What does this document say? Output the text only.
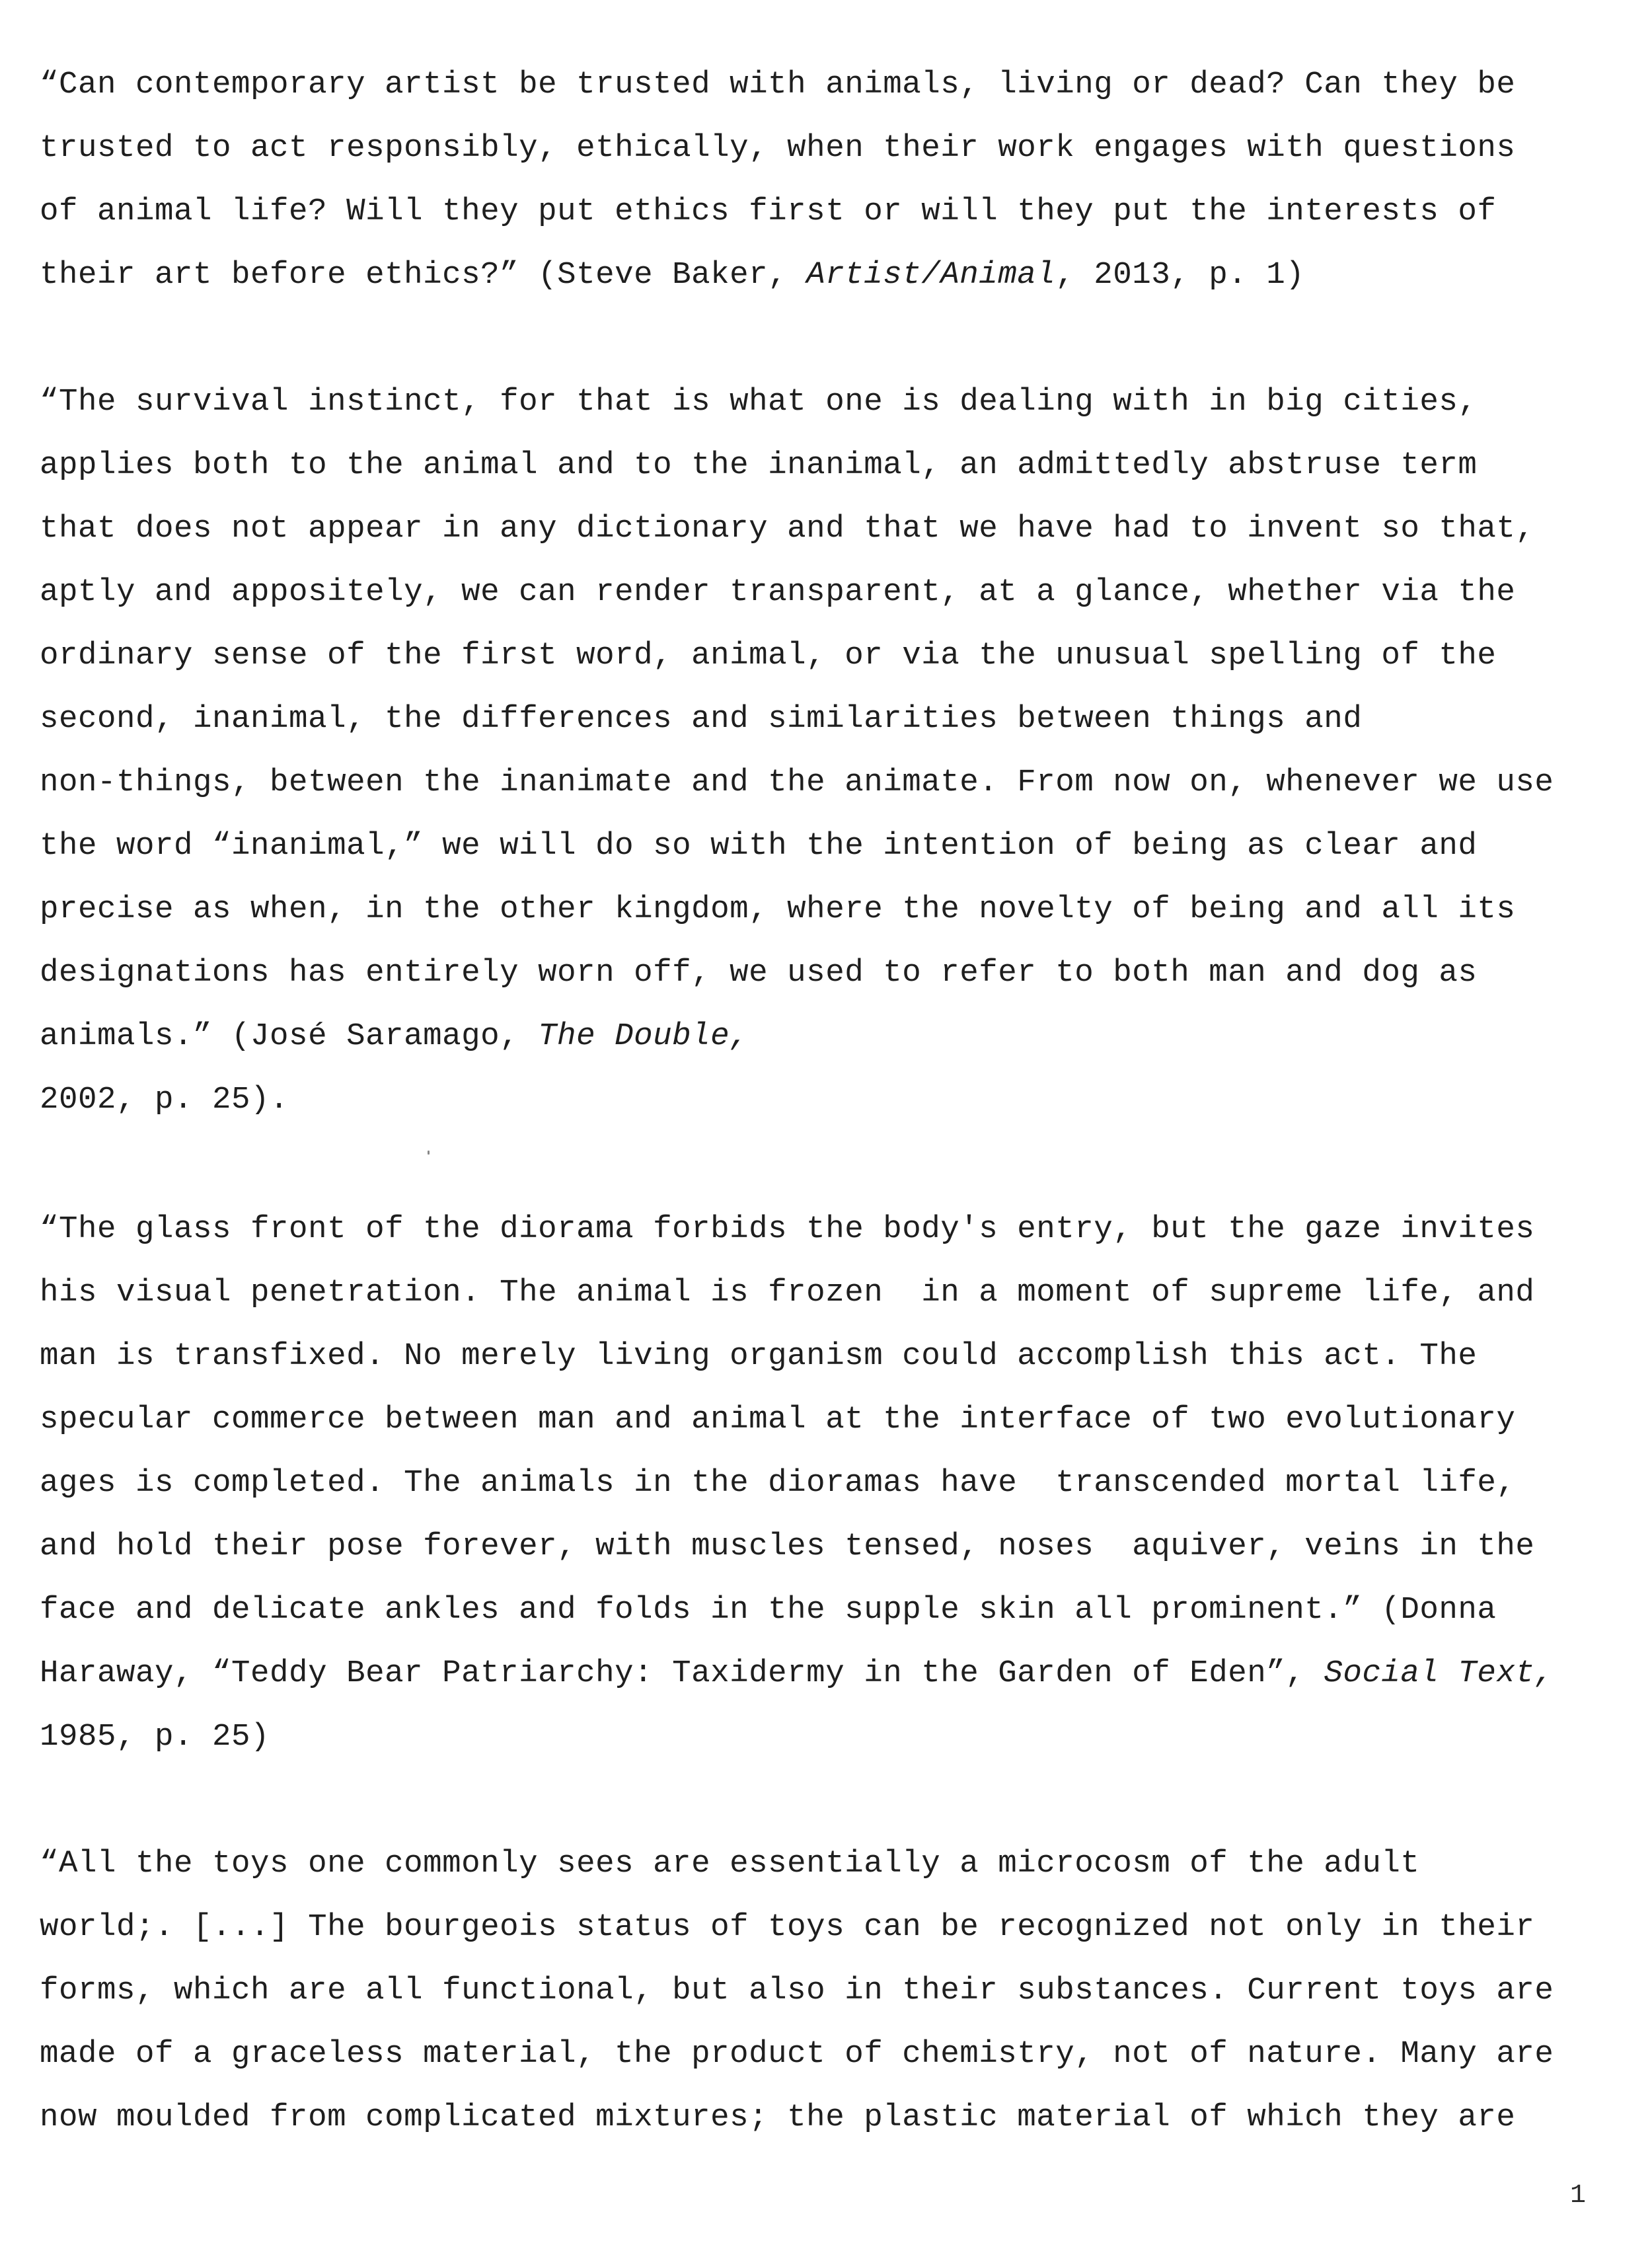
“Can contemporary artist be trusted with animals, living or dead? Can they be

trusted to act responsibly, ethically, when their work engages with questions

of animal life? Will they put ethics first or will they put the interests of

their art before ethics?” (Steve Baker, Artist/Animal, 2013, p. 1)

“The survival instinct, for that is what one is dealing with in big cities,

applies both to the animal and to the inanimal, an admittedly abstruse term

that does not appear in any dictionary and that we have had to invent so that,

aptly and appositely, we can render transparent, at a glance, whether via the

ordinary sense of the first word, animal, or via the unusual spelling of the

second, inanimal, the differences and similarities between things and

non-things, between the inanimate and the animate. From now on, whenever we use

the word “inanimal,” we will do so with the intention of being as clear and

precise as when, in the other kingdom, where the novelty of being and all its

designations has entirely worn off, we used to refer to both man and dog as

animals.” (José Saramago, The Double,

2002, p. 25).

“The glass front of the diorama forbids the body's entry, but the gaze invites

his visual penetration. The animal is frozen  in a moment of supreme life, and

man is transfixed. No merely living organism could accomplish this act. The

specular commerce between man and animal at the interface of two evolutionary

ages is completed. The animals in the dioramas have  transcended mortal life,

and hold their pose forever, with muscles tensed, noses  aquiver, veins in the

face and delicate ankles and folds in the supple skin all prominent.” (Donna

Haraway, “Teddy Bear Patriarchy: Taxidermy in the Garden of Eden”, Social Text,

1985, p. 25)

“All the toys one commonly sees are essentially a microcosm of the adult

world;. [...] The bourgeois status of toys can be recognized not only in their

forms, which are all functional, but also in their substances. Current toys are

made of a graceless material, the product of chemistry, not of nature. Many are

now moulded from complicated mixtures; the plastic material of which they are

1
